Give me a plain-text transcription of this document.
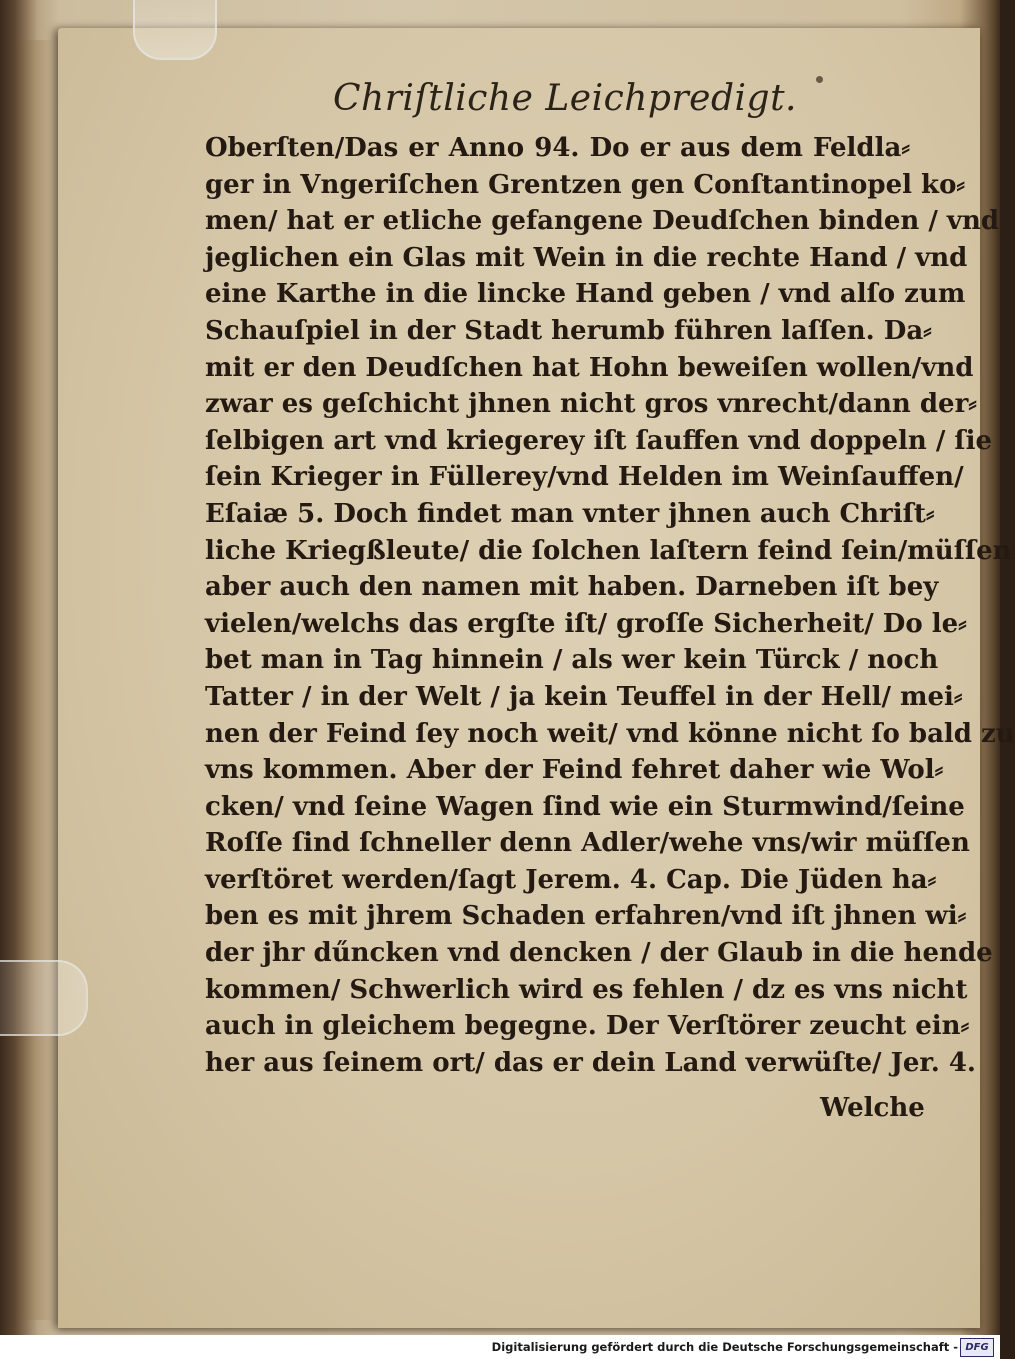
Chriſtliche Leichpredigt.
Oberſten/Das er Anno 94. Do er aus dem Feldla⸗
ger in Vngeriſchen Grentzen gen Conſtantinopel ko⸗
men/ hat er etliche gefangene Deudſchen binden / vnd
jeglichen ein Glas mit Wein in die rechte Hand / vnd
eine Karthe in die lincke Hand geben / vnd alſo zum
Schauſpiel in der Stadt herumb führen laſſen. Da⸗
mit er den Deudſchen hat Hohn beweiſen wollen/vnd
zwar es geſchicht jhnen nicht gros vnrecht/dann der⸗
ſelbigen art vnd kriegerey iſt ſauffen vnd doppeln / ſie
ſein Krieger in Füllerey/vnd Helden im Weinſauffen/
Eſaiæ 5. Doch findet man vnter jhnen auch Chriſt⸗
liche Kriegßleute/ die ſolchen laſtern feind ſein/müſſen
aber auch den namen mit haben. Darneben iſt bey
vielen/welchs das ergſte iſt/ groſſe Sicherheit/ Do le⸗
bet man in Tag hinnein / als wer kein Türck / noch
Tatter / in der Welt / ja kein Teuffel in der Hell/ mei⸗
nen der Feind ſey noch weit/ vnd könne nicht ſo bald zu
vns kommen. Aber der Feind fehret daher wie Wol⸗
cken/ vnd ſeine Wagen ſind wie ein Sturmwind/ſeine
Roſſe ſind ſchneller denn Adler/wehe vns/wir müſſen
verſtöret werden/ſagt Jerem. 4. Cap. Die Jüden ha⸗
ben es mit jhrem Schaden erfahren/vnd iſt jhnen wi⸗
der jhr dűncken vnd dencken / der Glaub in die hende
kommen/ Schwerlich wird es fehlen / dz es vns nicht
auch in gleichem begegne. Der Verſtörer zeucht ein⸗
her aus ſeinem ort/ das er dein Land verwüſte/ Jer. 4.
Welche
Digitalisierung gefördert durch die Deutsche Forschungsgemeinschaft - DFG
